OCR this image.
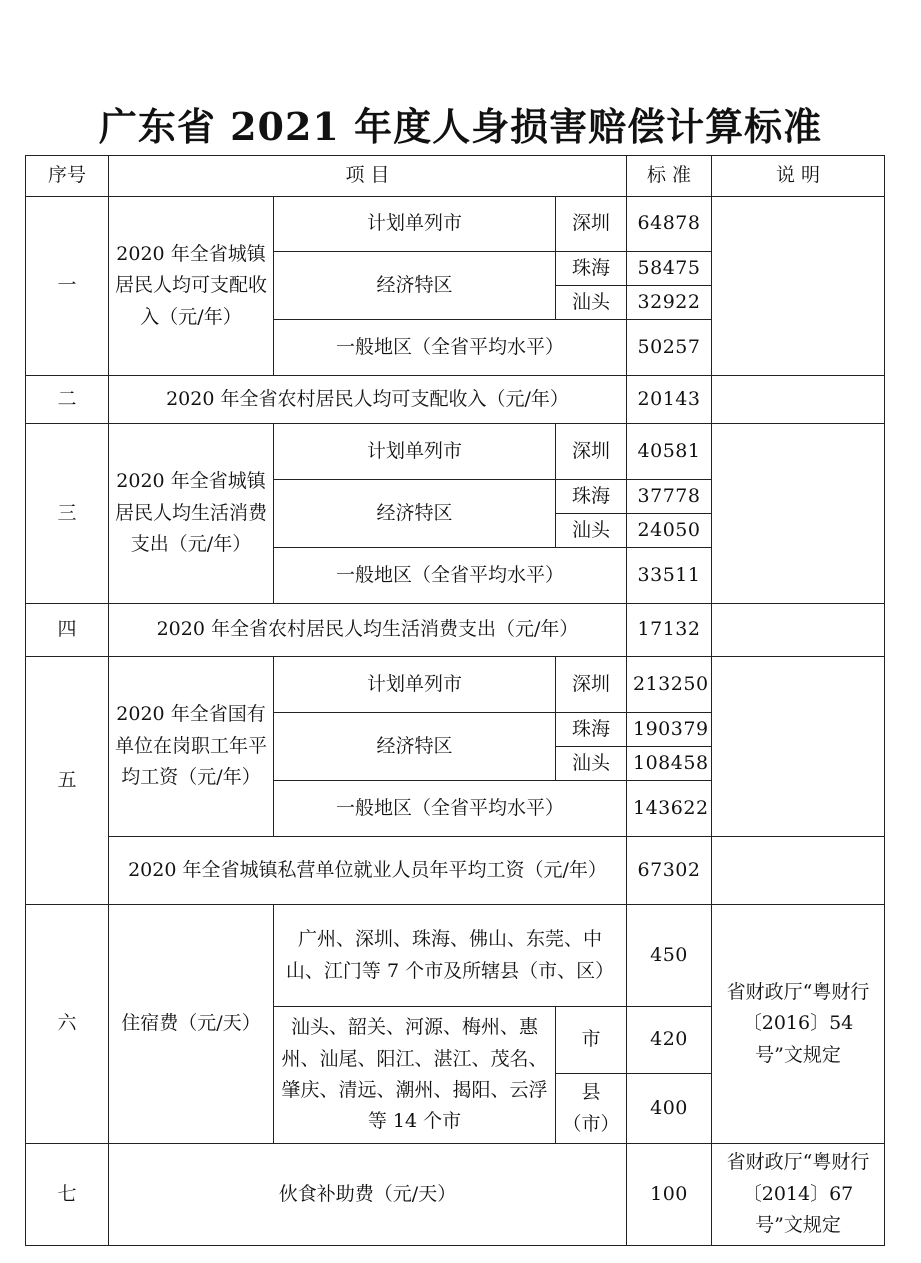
广东省 2021 年度人身损害赔偿计算标准
序号	项 目			标 准	说 明
一	2020 年全省城镇居民人均可支配收入（元/年）	计划单列市	深圳	64878	
		经济特区	珠海	58475	
			汕头	32922	
		一般地区（全省平均水平）		50257	
二	2020 年全省农村居民人均可支配收入（元/年）			20143	
三	2020 年全省城镇居民人均生活消费支出（元/年）	计划单列市	深圳	40581	
		经济特区	珠海	37778	
			汕头	24050	
		一般地区（全省平均水平）		33511	
四	2020 年全省农村居民人均生活消费支出（元/年）			17132	
五	2020 年全省国有单位在岗职工年平均工资（元/年）	计划单列市	深圳	213250	
		经济特区	珠海	190379	
			汕头	108458	
		一般地区（全省平均水平）		143622	
	2020 年全省城镇私营单位就业人员年平均工资（元/年）			67302	
六	住宿费（元/天）	广州、深圳、珠海、佛山、东莞、中山、江门等 7 个市及所辖县（市、区）		450	省财政厅“粤财行〔2016〕54 号”文规定
		汕头、韶关、河源、梅州、惠州、汕尾、阳江、湛江、茂名、肇庆、清远、潮州、揭阳、云浮等 14 个市	市	420	
			县（市）	400	
七	伙食补助费（元/天）			100	省财政厅“粤财行〔2014〕67 号”文规定
